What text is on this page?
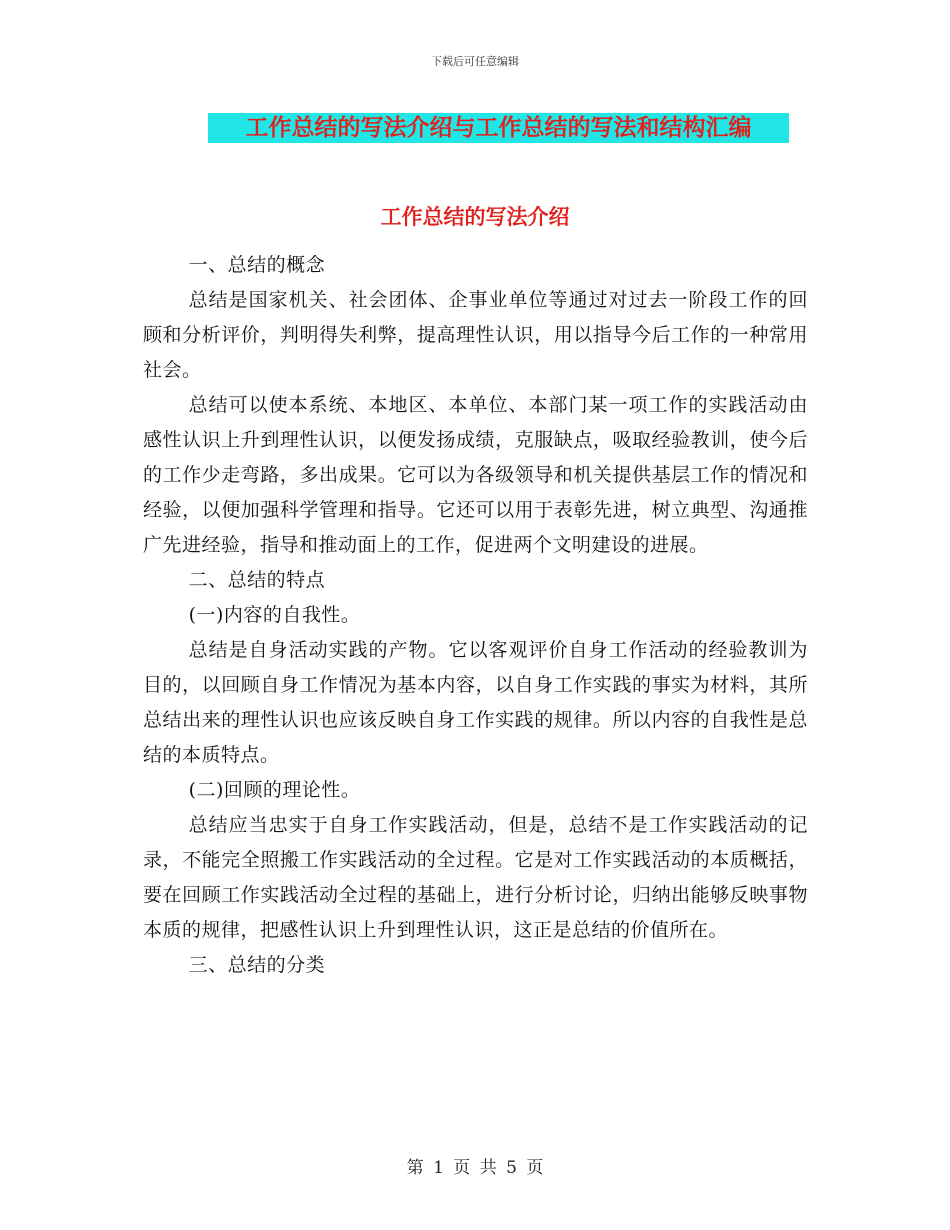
下载后可任意编辑
工作总结的写法介绍与工作总结的写法和结构汇编
工作总结的写法介绍

一、总结的概念

总结是国家机关、社会团体、企事业单位等通过对过去一阶段工作的回顾和分析评价，判明得失利弊，提高理性认识，用以指导今后工作的一种常用社会。

总结可以使本系统、本地区、本单位、本部门某一项工作的实践活动由感性认识上升到理性认识，以便发扬成绩，克服缺点，吸取经验教训，使今后的工作少走弯路，多出成果。它可以为各级领导和机关提供基层工作的情况和经验，以便加强科学管理和指导。它还可以用于表彰先进，树立典型、沟通推广先进经验，指导和推动面上的工作，促进两个文明建设的进展。

二、总结的特点

(一)内容的自我性。

总结是自身活动实践的产物。它以客观评价自身工作活动的经验教训为目的，以回顾自身工作情况为基本内容，以自身工作实践的事实为材料，其所总结出来的理性认识也应该反映自身工作实践的规律。所以内容的自我性是总结的本质特点。

(二)回顾的理论性。

总结应当忠实于自身工作实践活动，但是，总结不是工作实践活动的记录，不能完全照搬工作实践活动的全过程。它是对工作实践活动的本质概括，要在回顾工作实践活动全过程的基础上，进行分析讨论，归纳出能够反映事物本质的规律，把感性认识上升到理性认识，这正是总结的价值所在。

三、总结的分类

第 1 页 共 5 页
